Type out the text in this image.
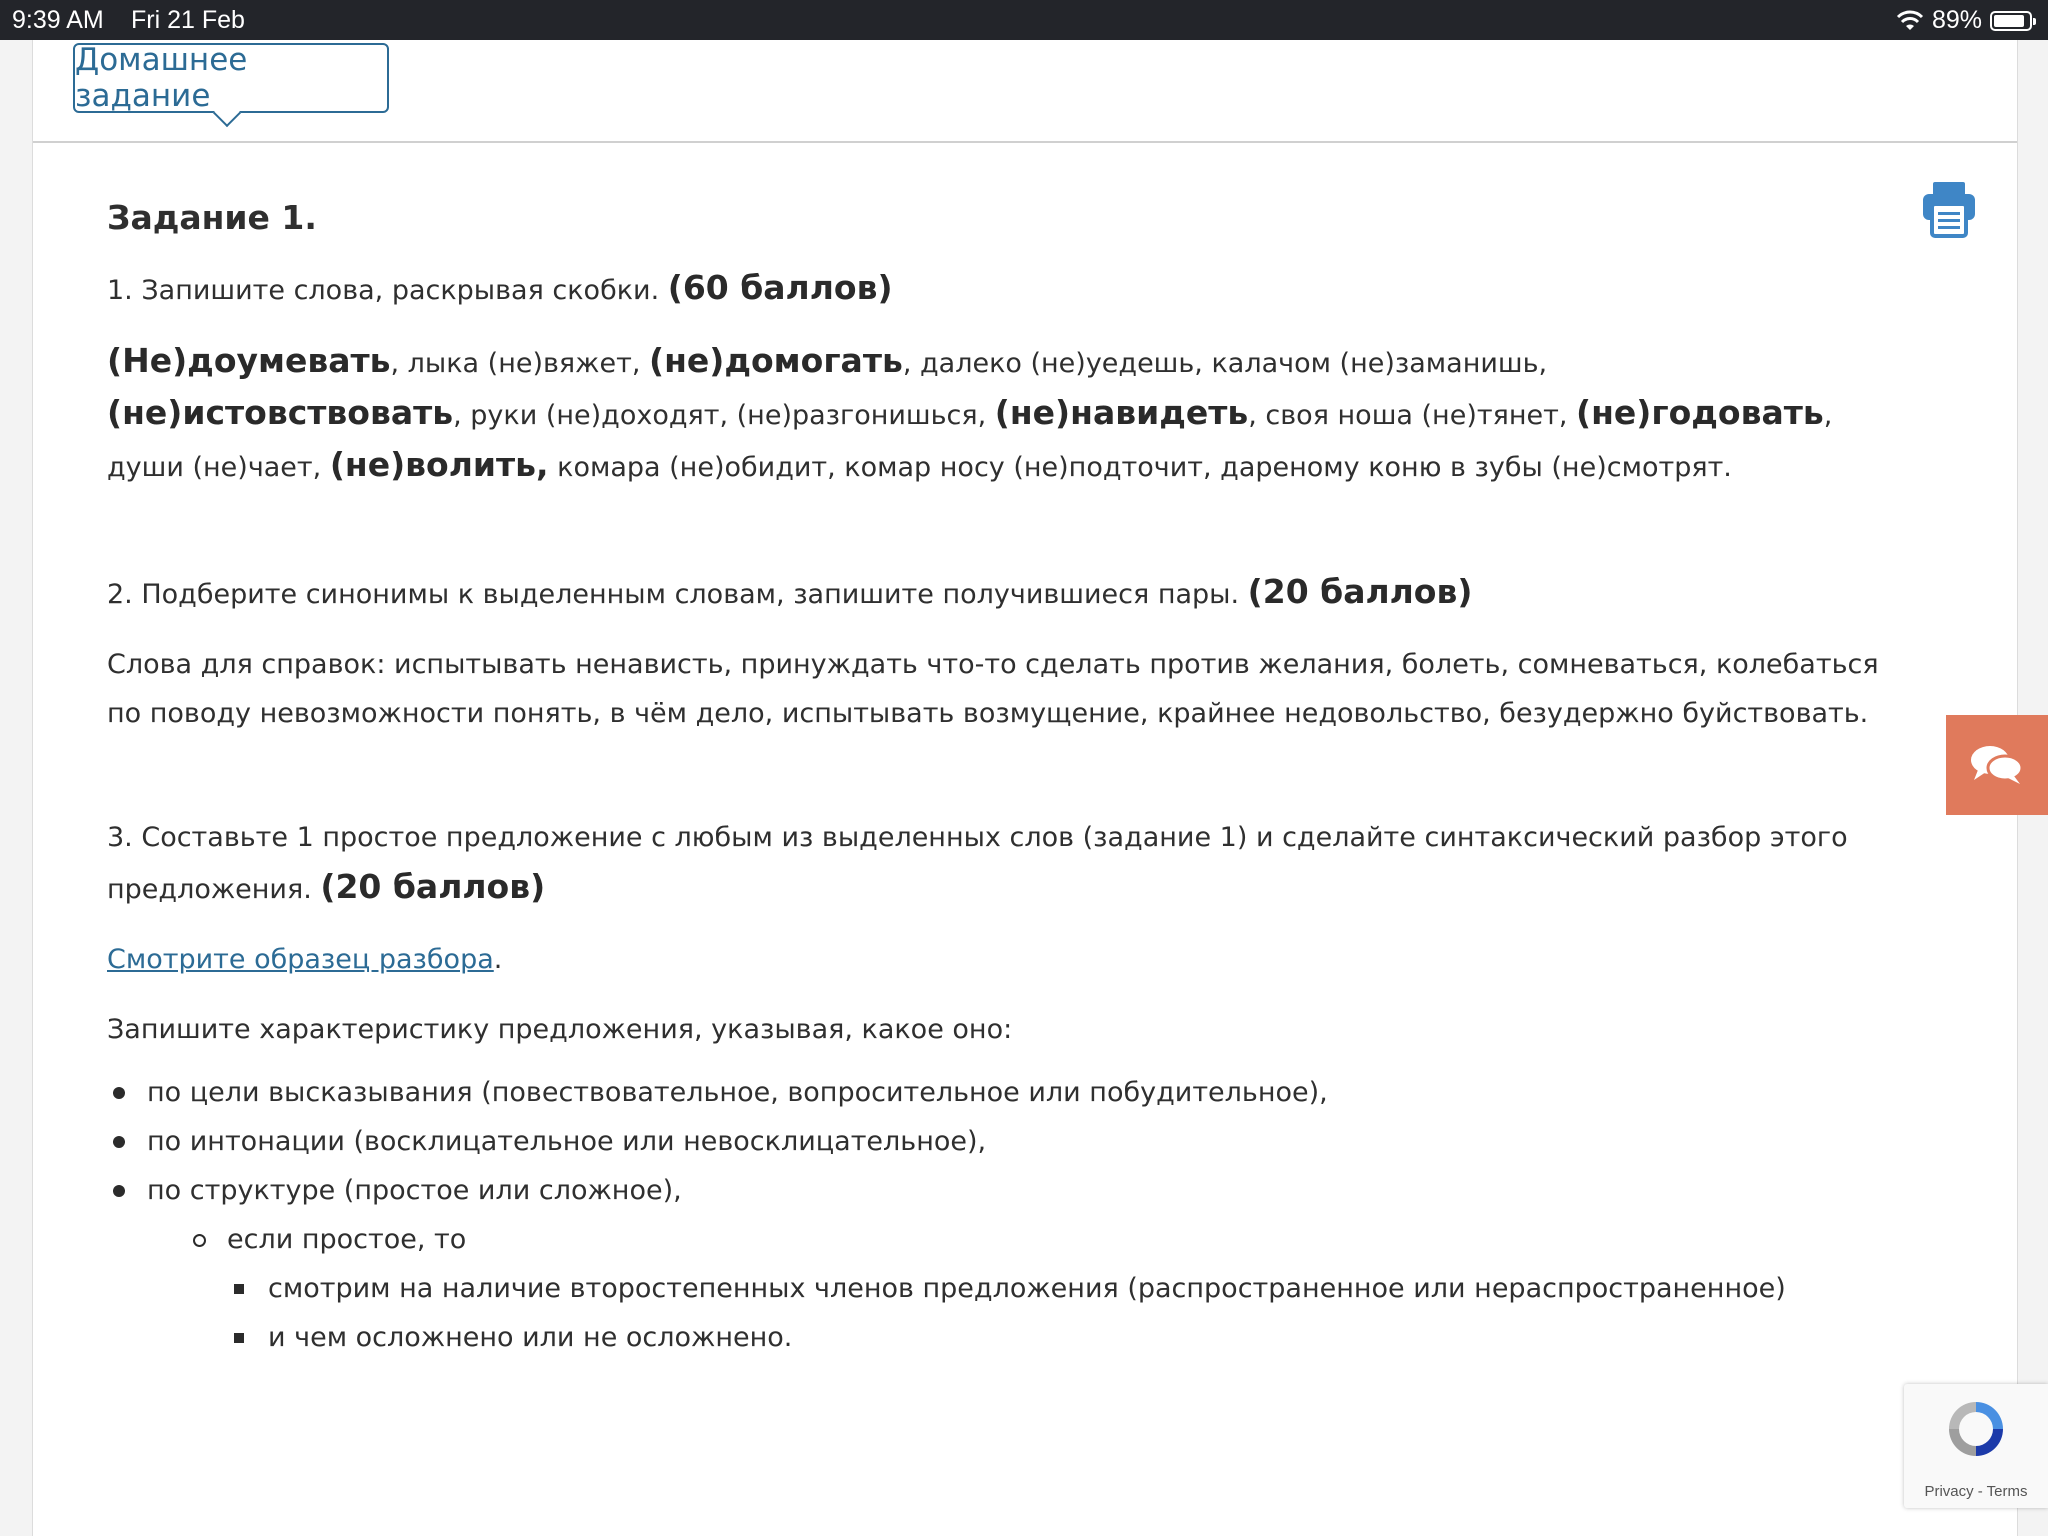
9:39 AM Fri 21 Feb	89%
Домашнее задание
Задание 1.

1. Запишите слова, раскрывая скобки. (60 баллов)

(Не)доумевать, лыка (не)вяжет, (не)домогать, далеко (не)уедешь, калачом (не)заманишь, (не)истовствовать, руки (не)доходят, (не)разгонишься, (не)навидеть, своя ноша (не)тянет, (не)годовать, души (не)чает, (не)волить, комара (не)обидит, комар носу (не)подточит, дареному коню в зубы (не)смотрят.

2. Подберите синонимы к выделенным словам, запишите получившиеся пары. (20 баллов)

Слова для справок: испытывать ненависть, принуждать что-то сделать против желания, болеть, сомневаться, колебаться по поводу невозможности понять, в чём дело, испытывать возмущение, крайнее недовольство, безудержно буйствовать.

3. Составьте 1 простое предложение с любым из выделенных слов (задание 1) и сделайте синтаксический разбор этого предложения. (20 баллов)

Смотрите образец разбора.

Запишите характеристику предложения, указывая, какое оно:

по цели высказывания (повествовательное, вопросительное или побудительное),
по интонации (восклицательное или невосклицательное),
по структуре (простое или сложное),
если простое, то
смотрим на наличие второстепенных членов предложения (распространенное или нераспространенное)
и чем осложнено или не осложнено.
Privacy - Terms
